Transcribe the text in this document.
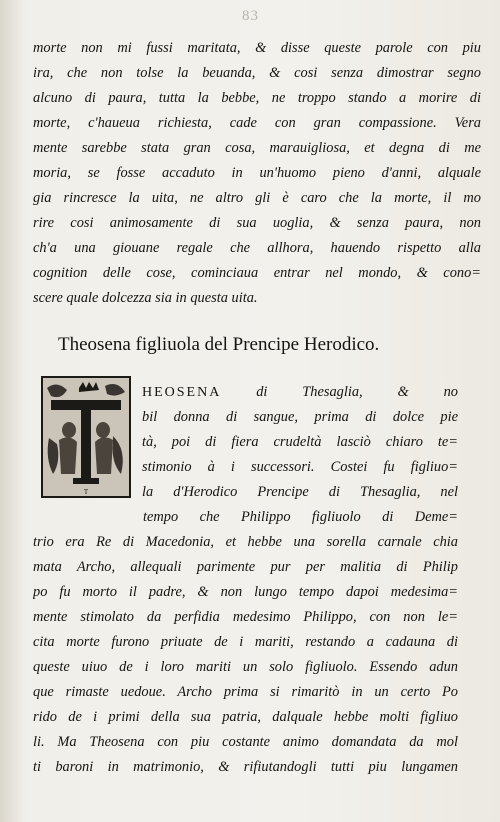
83
morte non mi fussi maritata, & disse queste parole con piu
ira, che non tolse la beuanda, & cosi senza dimostrar segno
alcuno di paura, tutta la bebbe, ne troppo stando a morire di
morte, c'haueua richiesta, cade con gran compassione. Vera
mente sarebbe stata gran cosa, marauigliosa, et degna di me
moria, se fosse accaduto in un'huomo pieno d'anni, alquale
gia rincresce la uita, ne altro gli è caro che la morte, il mo
rire cosi animosamente di sua uoglia, & senza paura, non
ch'a una giouane regale che allhora, hauendo rispetto alla
cognition delle cose, cominciaua entrar nel mondo, & cono=
scere quale dolcezza sia in questa uita.
Theosena figliuola del Prencipe Herodico.
T
HEOSENA di Thesaglia, & no
bil donna di sangue, prima di dolce pie
tà, poi di fiera crudeltà lasciò chiaro te=
stimonio à i successori. Costei fu figliuo=
la d'Herodico Prencipe di Thesaglia, nel
tempo che Philippo figliuolo di Deme=
trio era Re di Macedonia, et hebbe una sorella carnale chia
mata Archo, allequali parimente pur per malitia di Philip
po fu morto il padre, & non lungo tempo dapoi medesima=
mente stimolato da perfidia medesimo Philippo, con non le=
cita morte furono priuate de i mariti, restando a cadauna di
queste uiuo de i loro mariti un solo figliuolo. Essendo adun
que rimaste uedoue. Archo prima si rimaritò in un certo Po
rido de i primi della sua patria, dalquale hebbe molti figliuo
li. Ma Theosena con piu costante animo domandata da mol
ti baroni in matrimonio, & rifiutandogli tutti piu lungamen
